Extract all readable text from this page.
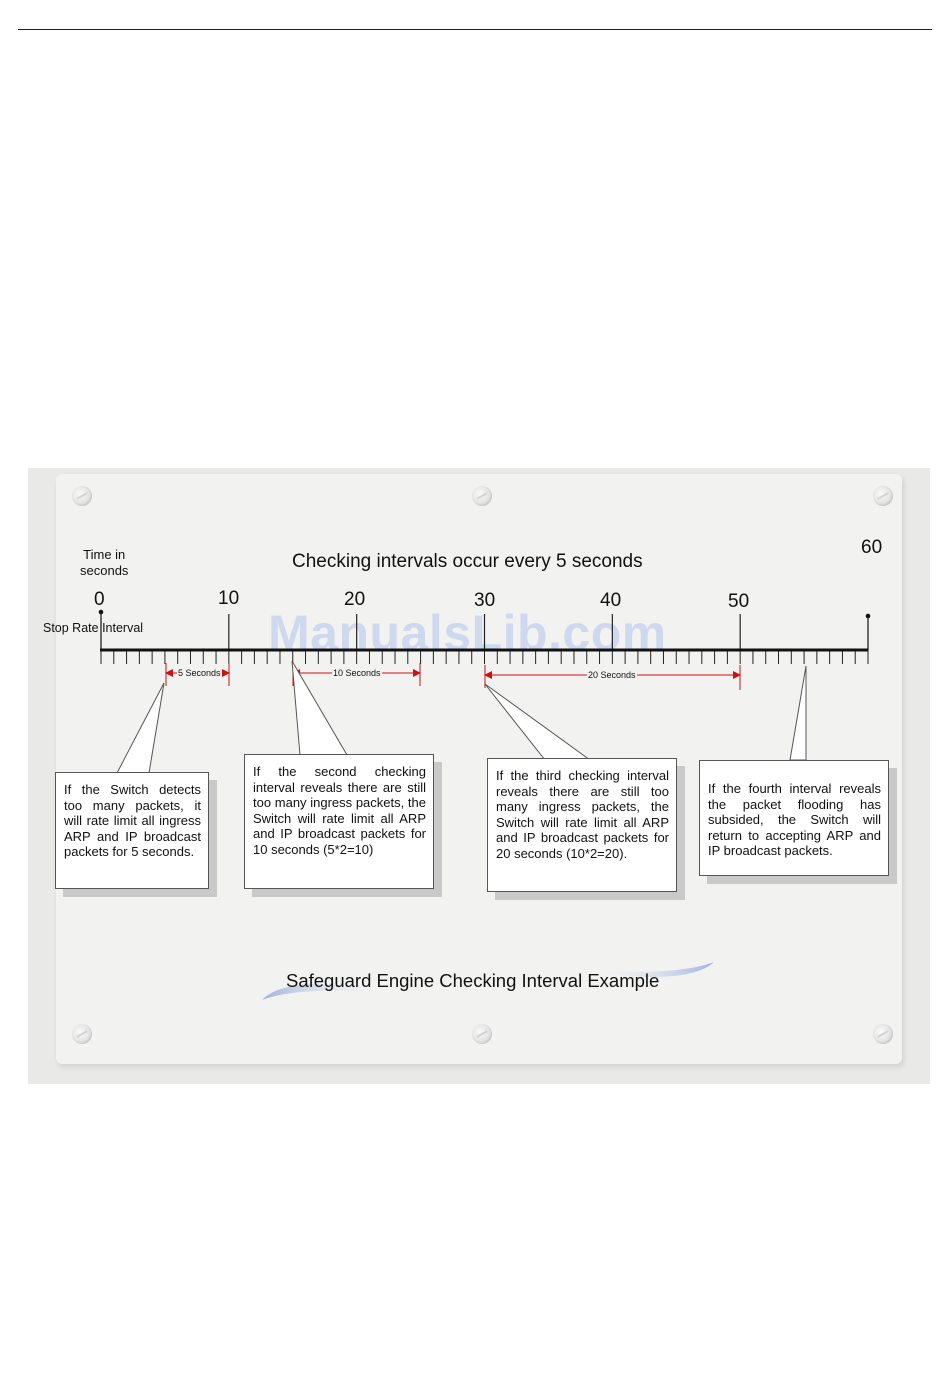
Time in
seconds	Checking intervals occur every 5 seconds
60
0	10	20	30	40	50
Stop Rate Interval ManualsLib.com
5 Seconds	10 Seconds	20 Seconds
If the Switch detects too many packets, it will rate limit all ingress ARP and IP broadcast packets for 5 seconds.
If the second checking interval reveals there are still too many ingress packets, the Switch will rate limit all ARP and IP broadcast packets for 10 seconds (5*2=10)
If the third checking interval reveals there are still too many ingress packets, the Switch will rate limit all ARP and IP broadcast packets for 20 seconds (10*2=20).
If the fourth interval reveals the packet flooding has subsided, the Switch will return to accepting ARP and IP broadcast packets.
Safeguard Engine Checking Interval Example
